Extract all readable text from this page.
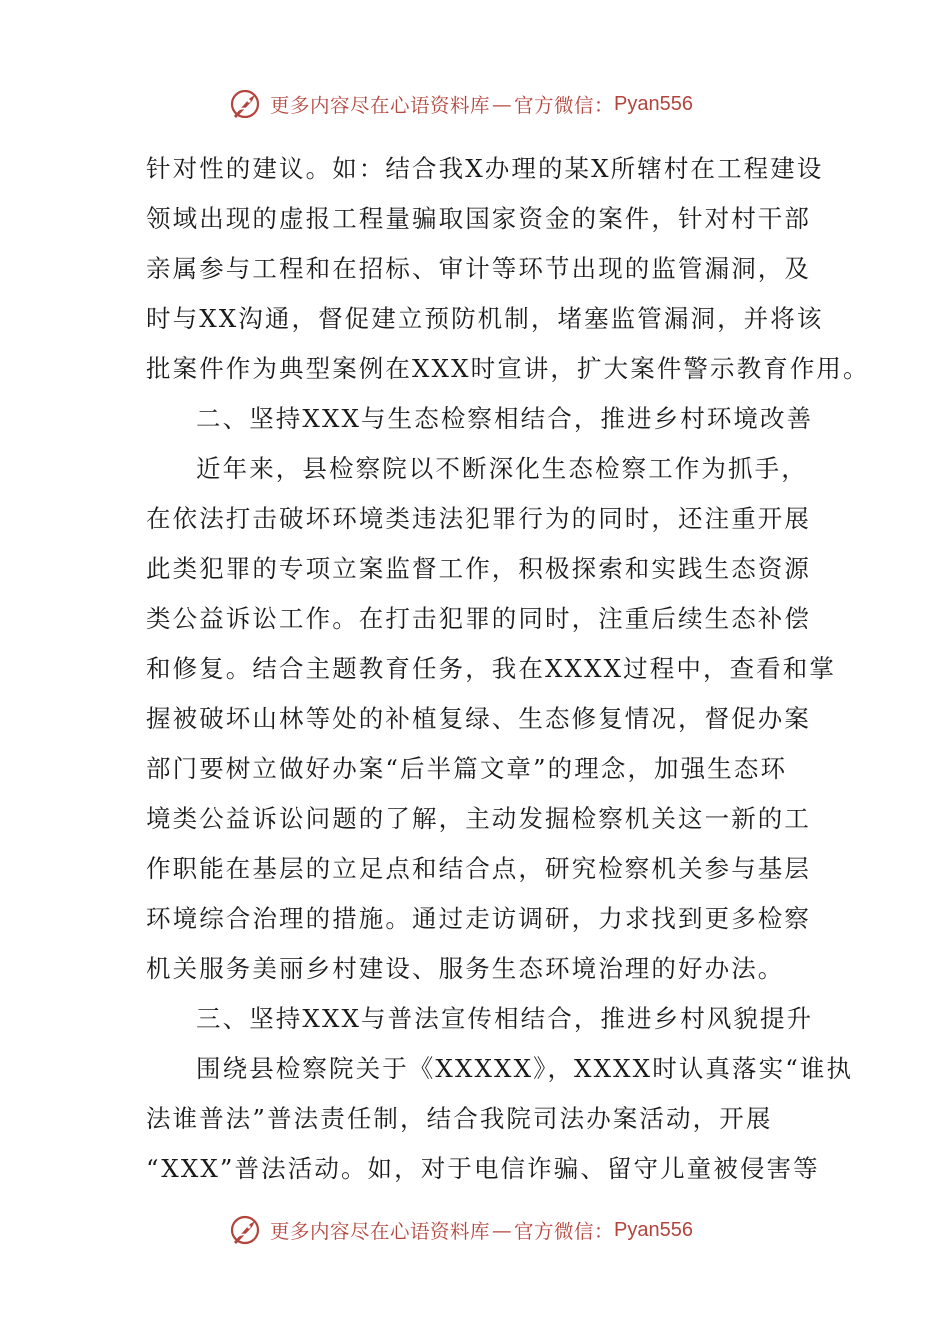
更多内容尽在心语资料库 — 官方微信： Pyan556
针对性的建议。如：结合我X办理的某X所辖村在工程建设
领域出现的虚报工程量骗取国家资金的案件，针对村干部
亲属参与工程和在招标、审计等环节出现的监管漏洞，及
时与XX沟通，督促建立预防机制，堵塞监管漏洞，并将该
批案件作为典型案例在XXX时宣讲，扩大案件警示教育作用。
二、坚持XXX与生态检察相结合，推进乡村环境改善
近年来，县检察院以不断深化生态检察工作为抓手，
在依法打击破坏环境类违法犯罪行为的同时，还注重开展
此类犯罪的专项立案监督工作，积极探索和实践生态资源
类公益诉讼工作。在打击犯罪的同时，注重后续生态补偿
和修复。结合主题教育任务，我在XXXX过程中，查看和掌
握被破坏山林等处的补植复绿、生态修复情况，督促办案
部门要树立做好办案“后半篇文章”的理念，加强生态环
境类公益诉讼问题的了解，主动发掘检察机关这一新的工
作职能在基层的立足点和结合点，研究检察机关参与基层
环境综合治理的措施。通过走访调研，力求找到更多检察
机关服务美丽乡村建设、服务生态环境治理的好办法。
三、坚持XXX与普法宣传相结合，推进乡村风貌提升
围绕县检察院关于《XXXXX》，XXXX时认真落实“谁执
法谁普法”普法责任制，结合我院司法办案活动，开展
“XXX”普法活动。如，对于电信诈骗、留守儿童被侵害等
更多内容尽在心语资料库 — 官方微信： Pyan556
